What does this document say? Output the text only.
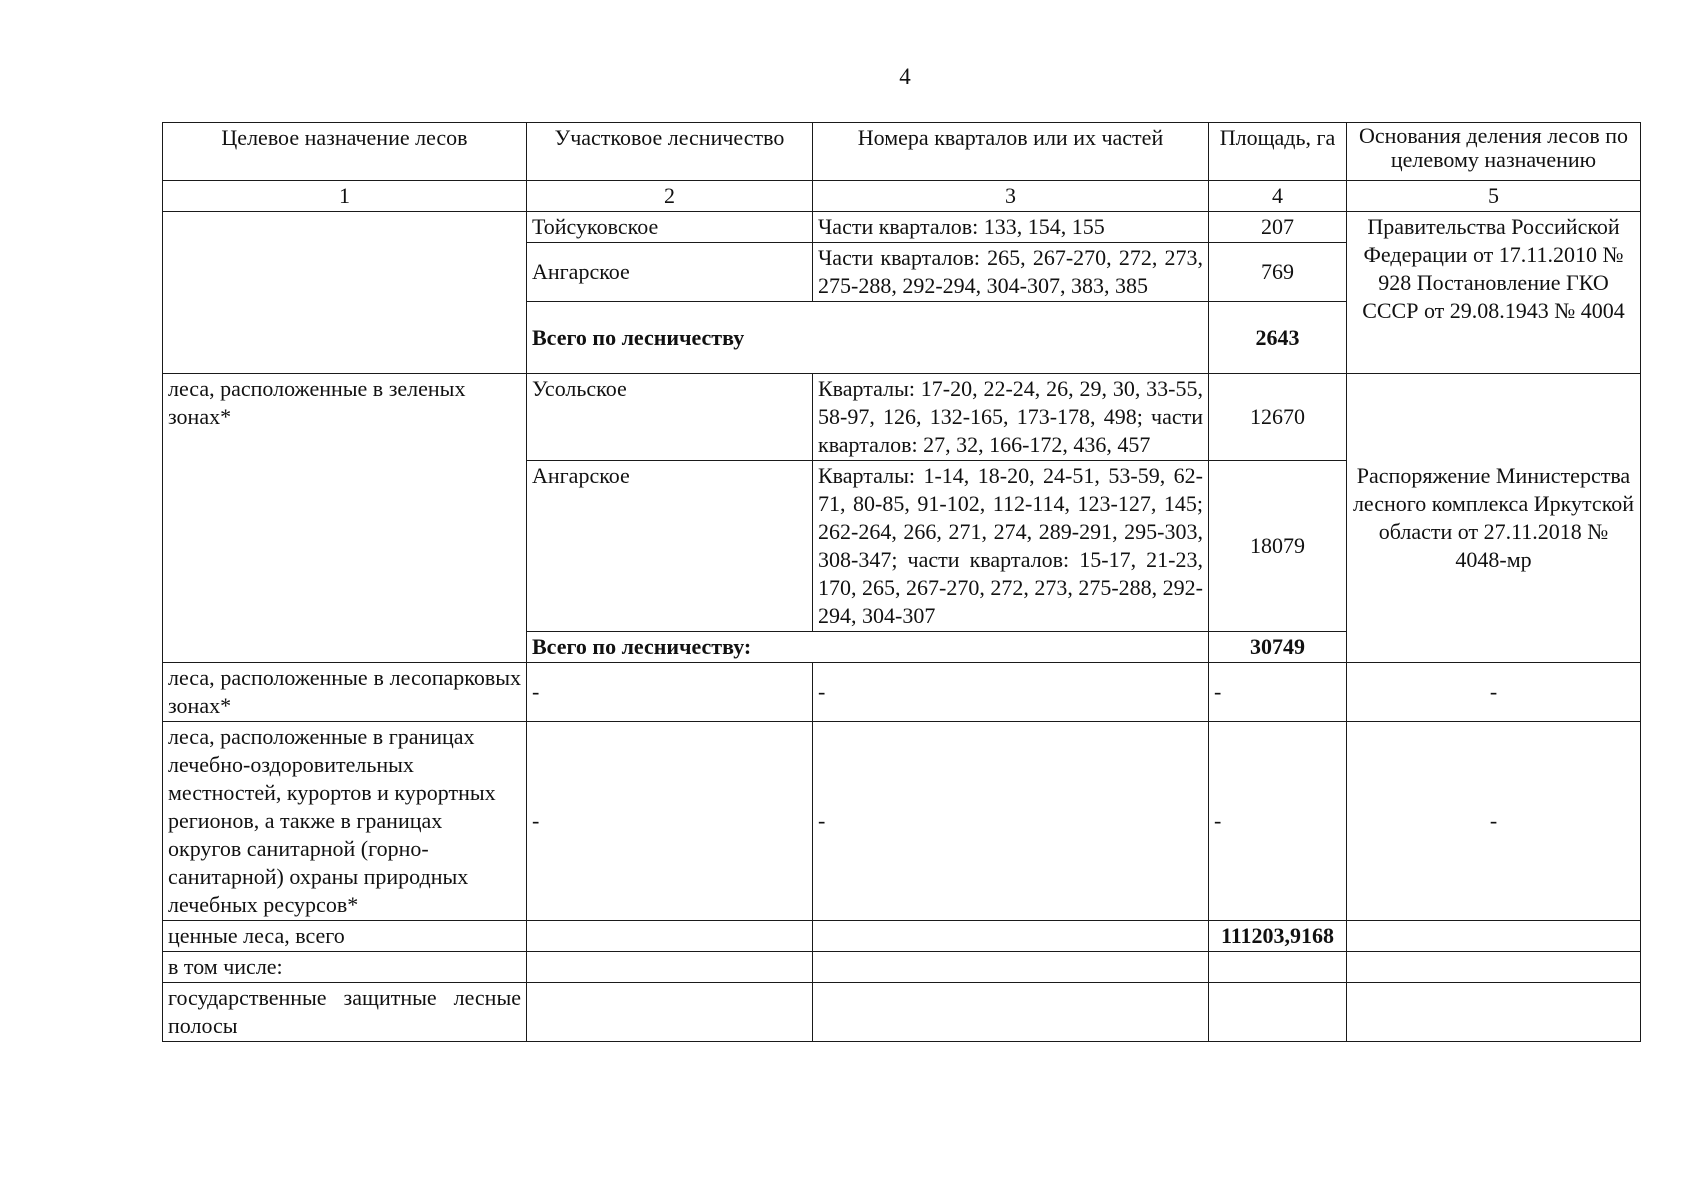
4
Целевое назначение лесов	Участковое лесничество	Номера кварталов или их частей	Площадь, га	Основания деления лесов по целевому назначению
1	2	3	4	5
	Тойсуковское	Части кварталов: 133, 154, 155	207	Правительства Российской Федерации от 17.11.2010 № 928 Постановление ГКО СССР от 29.08.1943 № 4004
	Ангарское	Части кварталов: 265, 267-270, 272, 273, 275-288, 292-294, 304-307, 383, 385	769	
	Всего по лесничеству		2643	
леса, расположенные в зеленых зонах*	Усольское	Кварталы: 17-20, 22-24, 26, 29, 30, 33-55, 58-97, 126, 132-165, 173-178, 498; части кварталов: 27, 32, 166-172, 436, 457	12670	Распоряжение Министерства лесного комплекса Иркутской области от 27.11.2018 № 4048-мр
	Ангарское	Кварталы: 1-14, 18-20, 24-51, 53-59, 62-71, 80-85, 91-102, 112-114, 123-127, 145; 262-264, 266, 271, 274, 289-291, 295-303, 308-347; части кварталов: 15-17, 21-23, 170, 265, 267-270, 272, 273, 275-288, 292-294, 304-307	18079	
	Всего по лесничеству:		30749	
леса, расположенные в лесопарковых зонах*	-	-	-	-
леса, расположенные в границах лечебно-оздоровительных местностей, курортов и курортных регионов, а также в границах округов санитарной (горно-санитарной) охраны природных лечебных ресурсов*	-	-	-	-
ценные леса, всего			111203,9168	
в том числе:				
государственные защитные лесные полосы				
